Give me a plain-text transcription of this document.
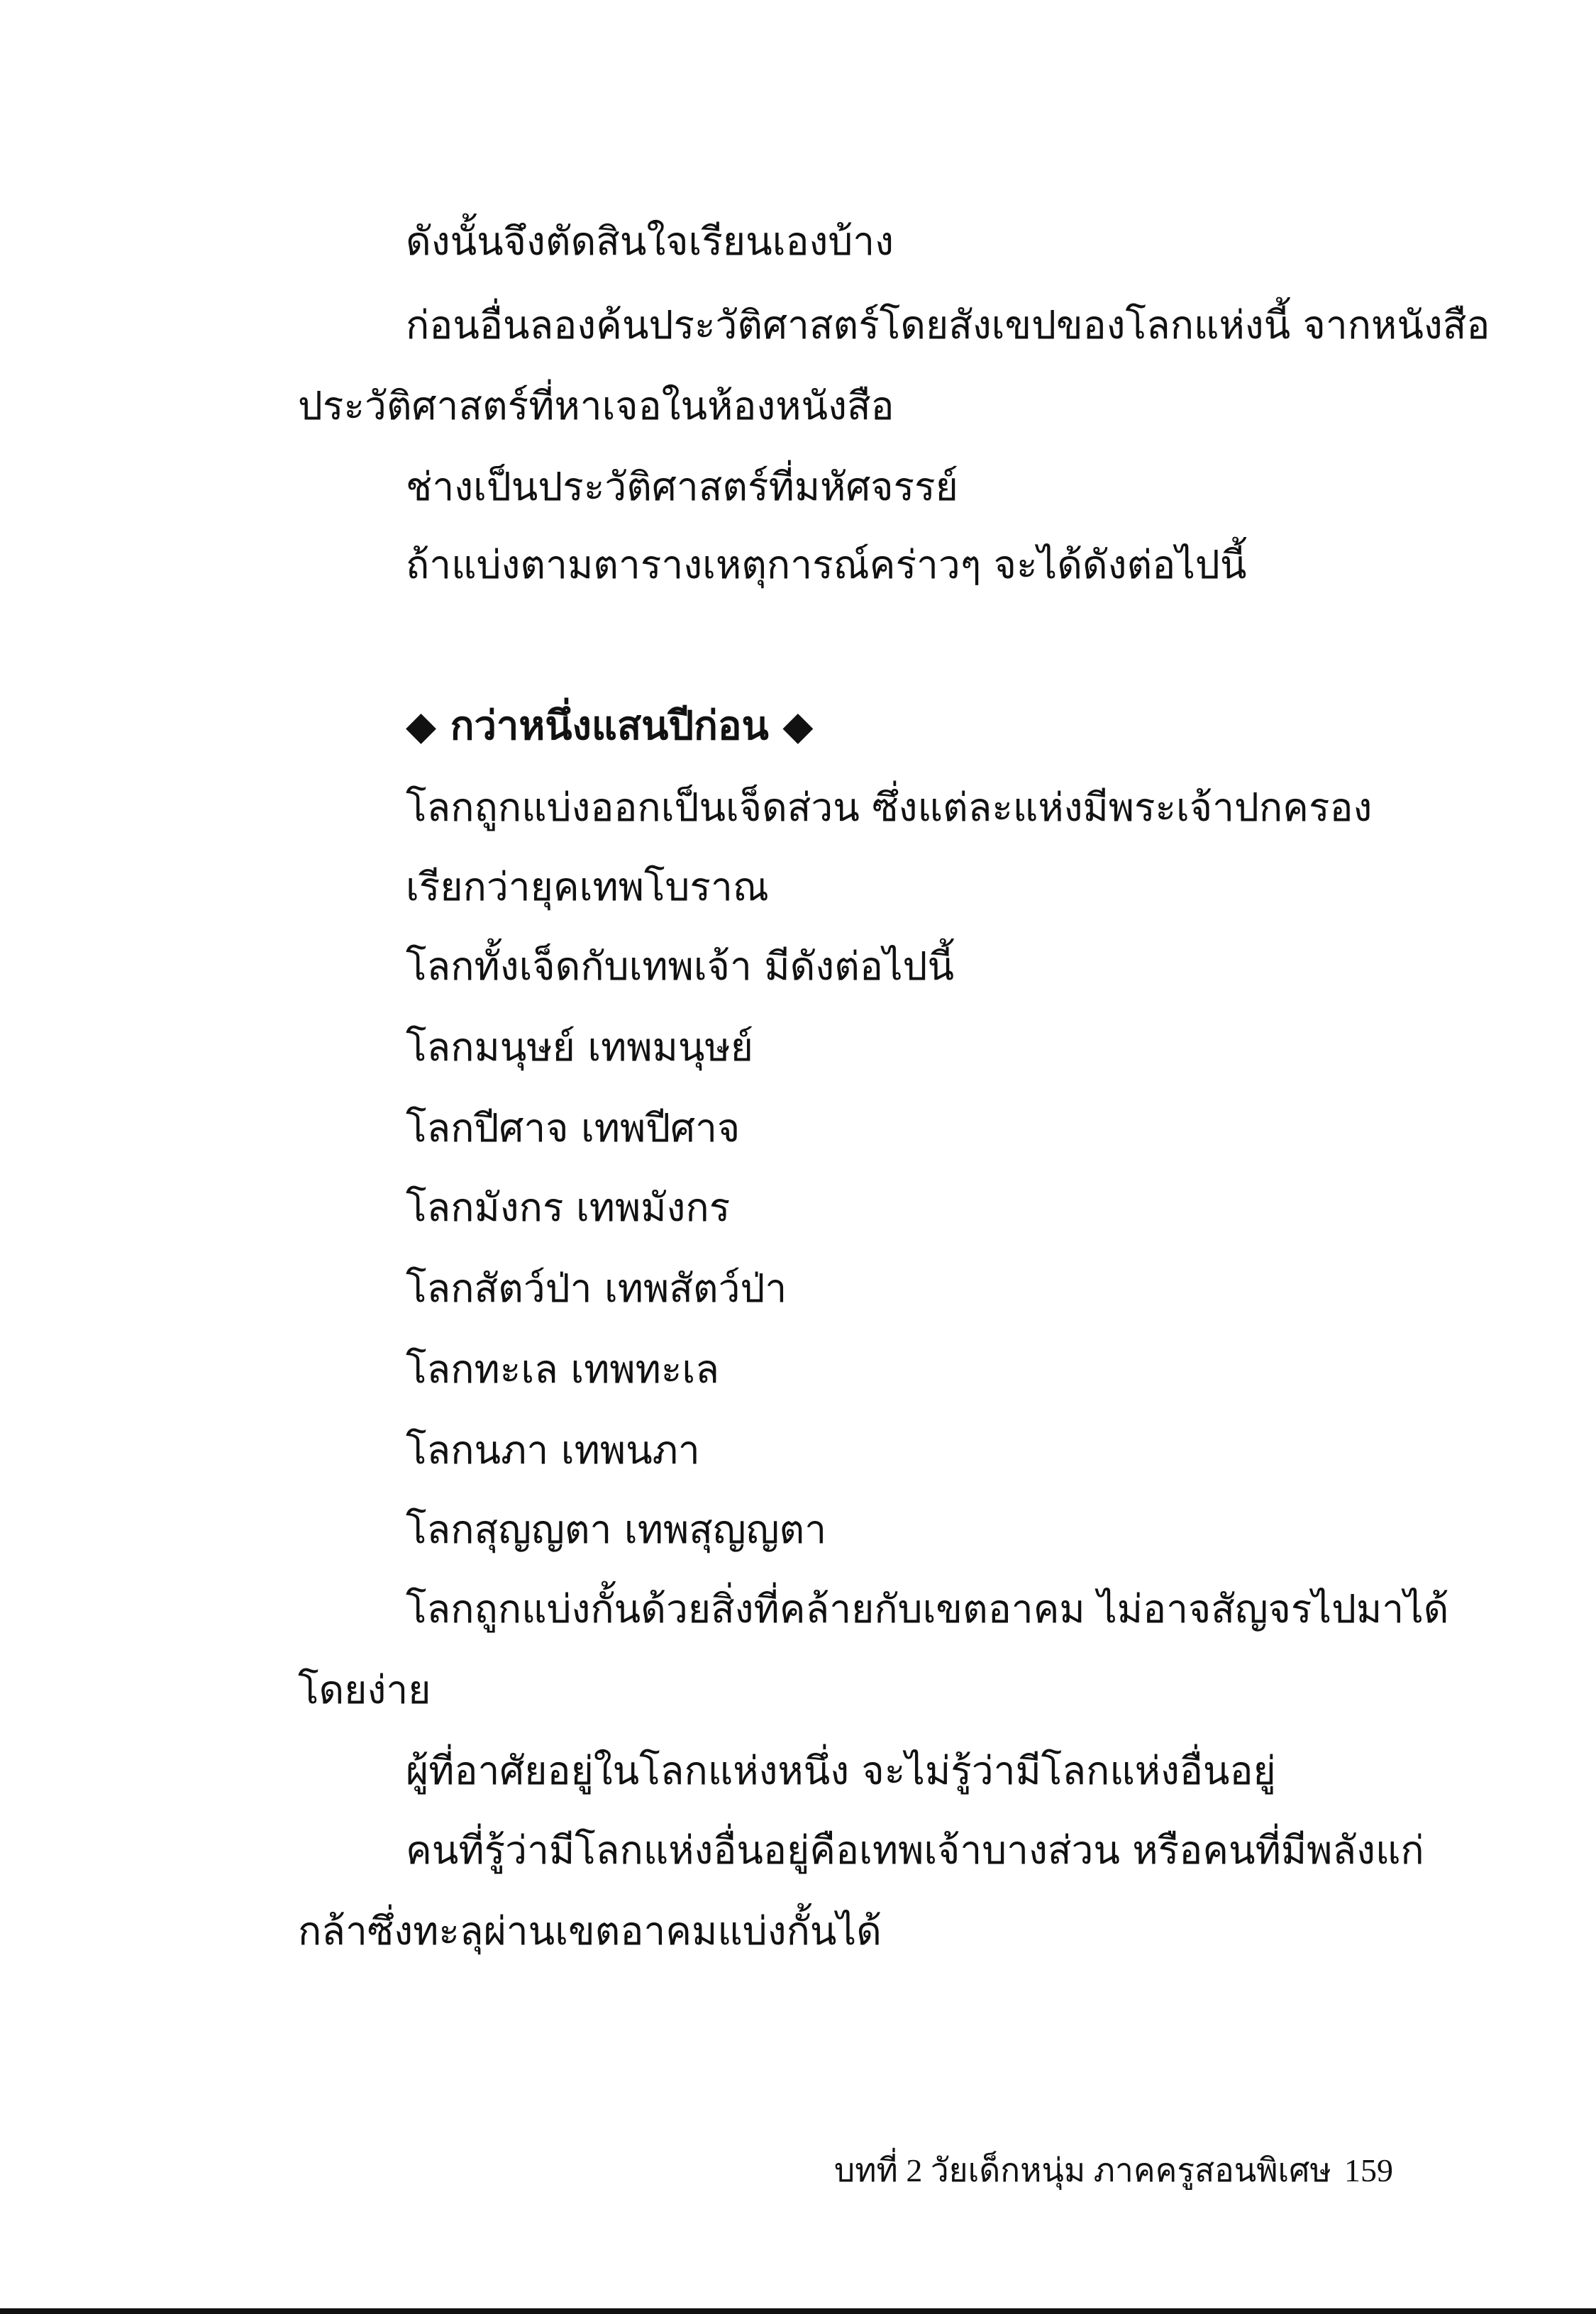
ดังนั้นจึงตัดสินใจเรียนเองบ้าง
ก่อนอื่นลองค้นประวัติศาสตร์โดยสังเขปของโลกแห่งนี้ จากหนังสือ
ประวัติศาสตร์ที่หาเจอในห้องหนังสือ
ช่างเป็นประวัติศาสตร์ที่มหัศจรรย์
ถ้าแบ่งตามตารางเหตุการณ์คร่าวๆ จะได้ดังต่อไปนี้
◆ กว่าหนึ่งแสนปีก่อน ◆
โลกถูกแบ่งออกเป็นเจ็ดส่วน ซึ่งแต่ละแห่งมีพระเจ้าปกครอง
เรียกว่ายุคเทพโบราณ
โลกทั้งเจ็ดกับเทพเจ้า มีดังต่อไปนี้
โลกมนุษย์ เทพมนุษย์
โลกปีศาจ เทพปีศาจ
โลกมังกร เทพมังกร
โลกสัตว์ป่า เทพสัตว์ป่า
โลกทะเล เทพทะเล
โลกนภา เทพนภา
โลกสุญญตา เทพสุญญตา
โลกถูกแบ่งกั้นด้วยสิ่งที่คล้ายกับเขตอาคม ไม่อาจสัญจรไปมาได้
โดยง่าย
ผู้ที่อาศัยอยู่ในโลกแห่งหนึ่ง จะไม่รู้ว่ามีโลกแห่งอื่นอยู่
คนที่รู้ว่ามีโลกแห่งอื่นอยู่คือเทพเจ้าบางส่วน หรือคนที่มีพลังแก่
กล้าซึ่งทะลุผ่านเขตอาคมแบ่งกั้นได้
บทที่ 2 วัยเด็กหนุ่ม ภาคครูสอนพิเศษ 159
